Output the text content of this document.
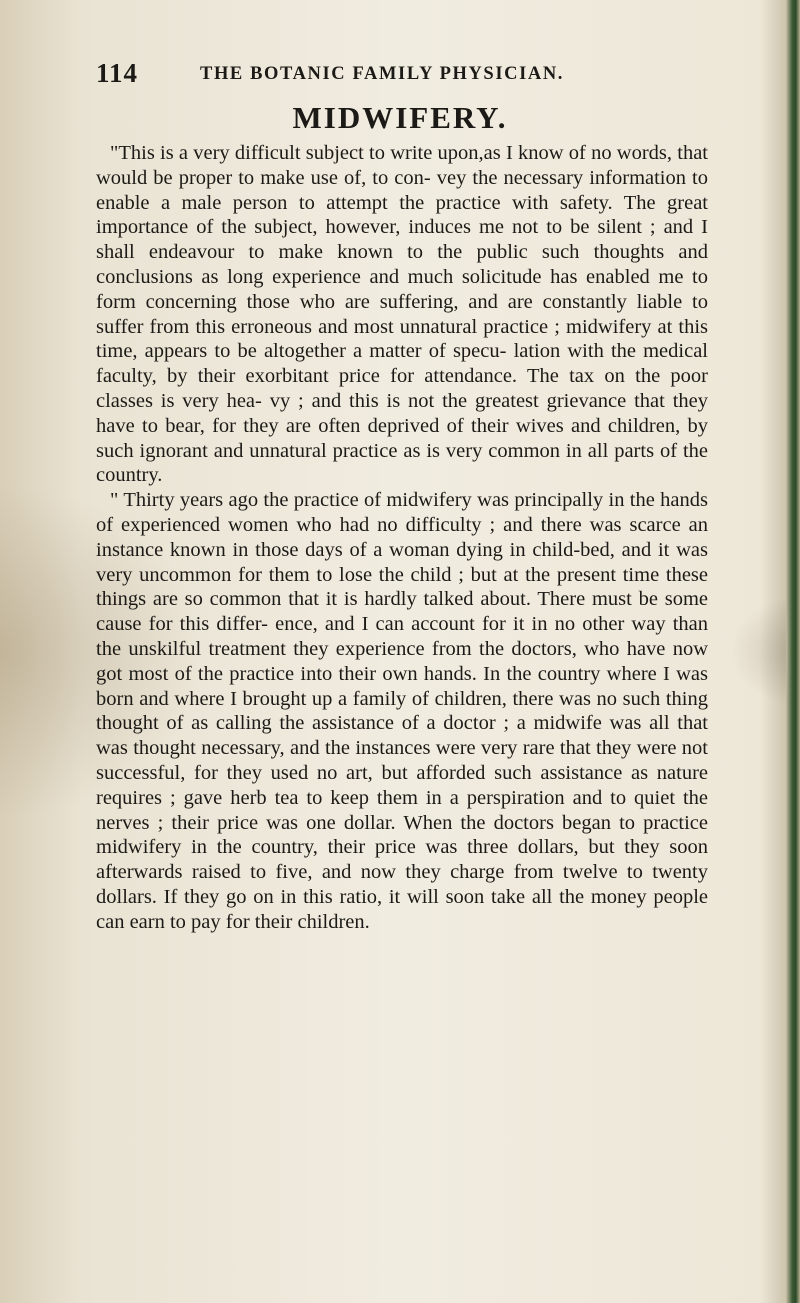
114	THE BOTANIC FAMILY PHYSICIAN.
MIDWIFERY.

"This is a very difficult subject to write upon,as I know of no words, that would be proper to make use of, to con- vey the necessary information to enable a male person to attempt the practice with safety. The great importance of the subject, however, induces me not to be silent ; and I shall endeavour to make known to the public such thoughts and conclusions as long experience and much solicitude has enabled me to form concerning those who are suffering, and are constantly liable to suffer from this erroneous and most unnatural practice ; midwifery at this time, appears to be altogether a matter of specu- lation with the medical faculty, by their exorbitant price for attendance. The tax on the poor classes is very hea- vy ; and this is not the greatest grievance that they have to bear, for they are often deprived of their wives and children, by such ignorant and unnatural practice as is very common in all parts of the country.

" Thirty years ago the practice of midwifery was principally in the hands of experienced women who had no difficulty ; and there was scarce an instance known in those days of a woman dying in child-bed, and it was very uncommon for them to lose the child ; but at the present time these things are so common that it is hardly talked about. There must be some cause for this differ- ence, and I can account for it in no other way than the unskilful treatment they experience from the doctors, who have now got most of the practice into their own hands. In the country where I was born and where I brought up a family of children, there was no such thing thought of as calling the assistance of a doctor ; a midwife was all that was thought necessary, and the instances were very rare that they were not successful, for they used no art, but afforded such assistance as nature requires ; gave herb tea to keep them in a perspiration and to quiet the nerves ; their price was one dollar. When the doctors began to practice midwifery in the country, their price was three dollars, but they soon afterwards raised to five, and now they charge from twelve to twenty dollars. If they go on in this ratio, it will soon take all the money people can earn to pay for their children.
